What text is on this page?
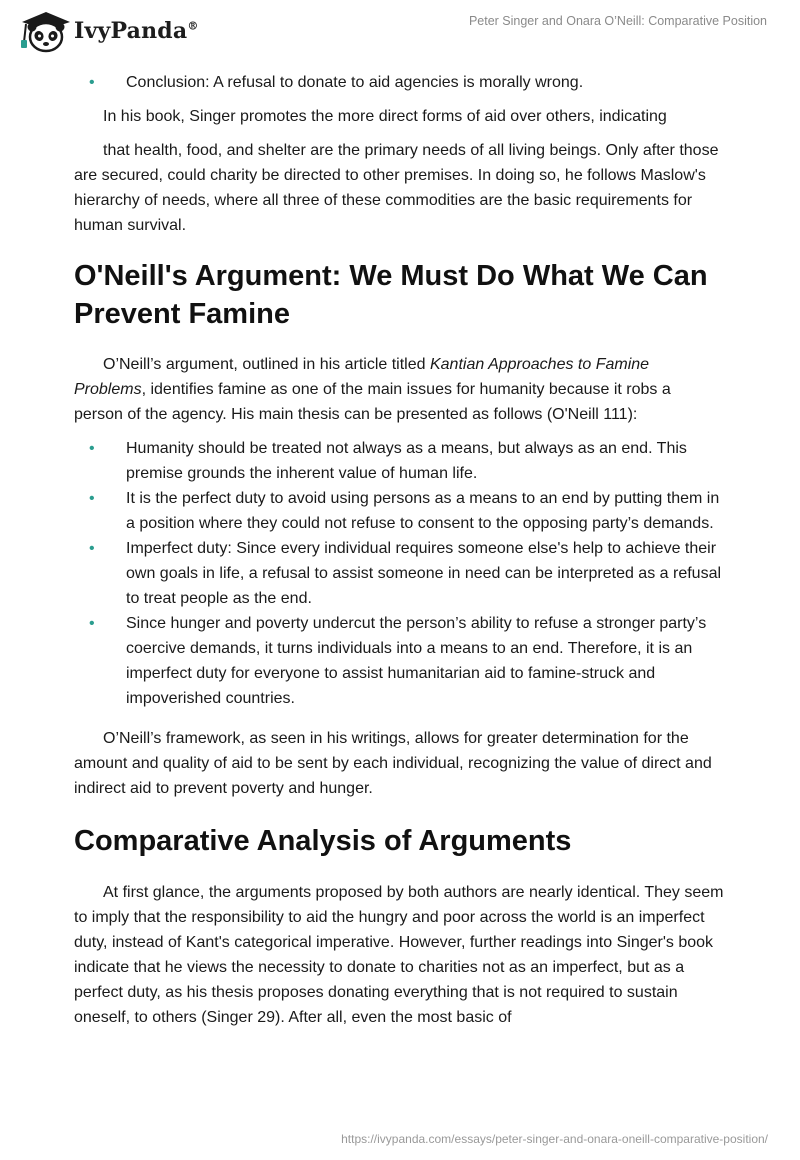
IvyPanda®	Peter Singer and Onara O’Neill: Comparative Position
• Conclusion: A refusal to donate to aid agencies is morally wrong.

In his book, Singer promotes the more direct forms of aid over others, indicating

that health, food, and shelter are the primary needs of all living beings. Only after those are secured, could charity be directed to other premises. In doing so, he follows Maslow's hierarchy of needs, where all three of these commodities are the basic requirements for human survival.

O'Neill's Argument: We Must Do What We Can Prevent Famine

O’Neill’s argument, outlined in his article titled Kantian Approaches to Famine Problems, identifies famine as one of the main issues for humanity because it robs a person of the agency. His main thesis can be presented as follows (O'Neill 111):

• Humanity should be treated not always as a means, but always as an end. This premise grounds the inherent value of human life.
• It is the perfect duty to avoid using persons as a means to an end by putting them in a position where they could not refuse to consent to the opposing party’s demands.
• Imperfect duty: Since every individual requires someone else's help to achieve their own goals in life, a refusal to assist someone in need can be interpreted as a refusal to treat people as the end.
• Since hunger and poverty undercut the person’s ability to refuse a stronger party’s coercive demands, it turns individuals into a means to an end. Therefore, it is an imperfect duty for everyone to assist humanitarian aid to famine-struck and impoverished countries.

O’Neill’s framework, as seen in his writings, allows for greater determination for the amount and quality of aid to be sent by each individual, recognizing the value of direct and indirect aid to prevent poverty and hunger.

Comparative Analysis of Arguments

At first glance, the arguments proposed by both authors are nearly identical. They seem to imply that the responsibility to aid the hungry and poor across the world is an imperfect duty, instead of Kant's categorical imperative. However, further readings into Singer's book indicate that he views the necessity to donate to charities not as an imperfect, but as a perfect duty, as his thesis proposes donating everything that is not required to sustain oneself, to others (Singer 29). After all, even the most basic of

https://ivypanda.com/essays/peter-singer-and-onara-oneill-comparative-position/
